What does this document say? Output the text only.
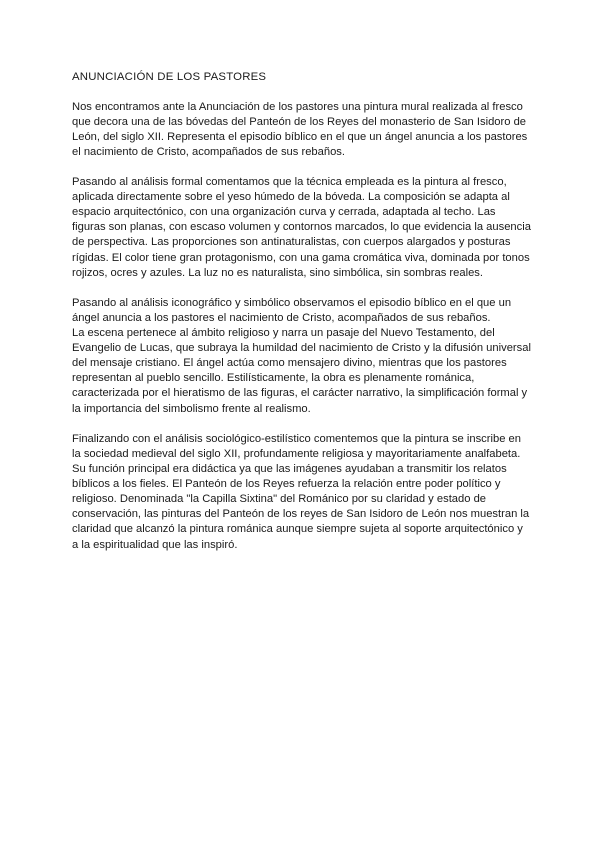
ANUNCIACIÓN DE LOS PASTORES
Nos encontramos ante la Anunciación de los pastores una pintura mural realizada al fresco
que decora una de las bóvedas del Panteón de los Reyes del monasterio de San Isidoro de
León, del siglo XII. Representa el episodio bíblico en el que un ángel anuncia a los pastores
el nacimiento de Cristo, acompañados de sus rebaños.
Pasando al análisis formal comentamos que la técnica empleada es la pintura al fresco,
aplicada directamente sobre el yeso húmedo de la bóveda. La composición se adapta al
espacio arquitectónico, con una organización curva y cerrada, adaptada al techo. Las
figuras son planas, con escaso volumen y contornos marcados, lo que evidencia la ausencia
de perspectiva. Las proporciones son antinaturalistas, con cuerpos alargados y posturas
rígidas. El color tiene gran protagonismo, con una gama cromática viva, dominada por tonos
rojizos, ocres y azules. La luz no es naturalista, sino simbólica, sin sombras reales.
Pasando al análisis iconográfico y simbólico observamos el episodio bíblico en el que un
ángel anuncia a los pastores el nacimiento de Cristo, acompañados de sus rebaños.
La escena pertenece al ámbito religioso y narra un pasaje del Nuevo Testamento, del
Evangelio de Lucas, que subraya la humildad del nacimiento de Cristo y la difusión universal
del mensaje cristiano. El ángel actúa como mensajero divino, mientras que los pastores
representan al pueblo sencillo. Estilísticamente, la obra es plenamente románica,
caracterizada por el hieratismo de las figuras, el carácter narrativo, la simplificación formal y
la importancia del simbolismo frente al realismo.
Finalizando con el análisis sociológico-estilístico comentemos que la pintura se inscribe en
la sociedad medieval del siglo XII, profundamente religiosa y mayoritariamente analfabeta.
Su función principal era didáctica ya que las imágenes ayudaban a transmitir los relatos
bíblicos a los fieles. El Panteón de los Reyes refuerza la relación entre poder político y
religioso. Denominada "la Capilla Sixtina" del Románico por su claridad y estado de
conservación, las pinturas del Panteón de los reyes de San Isidoro de León nos muestran la
claridad que alcanzó la pintura románica aunque siempre sujeta al soporte arquitectónico y
a la espiritualidad que las inspiró.
